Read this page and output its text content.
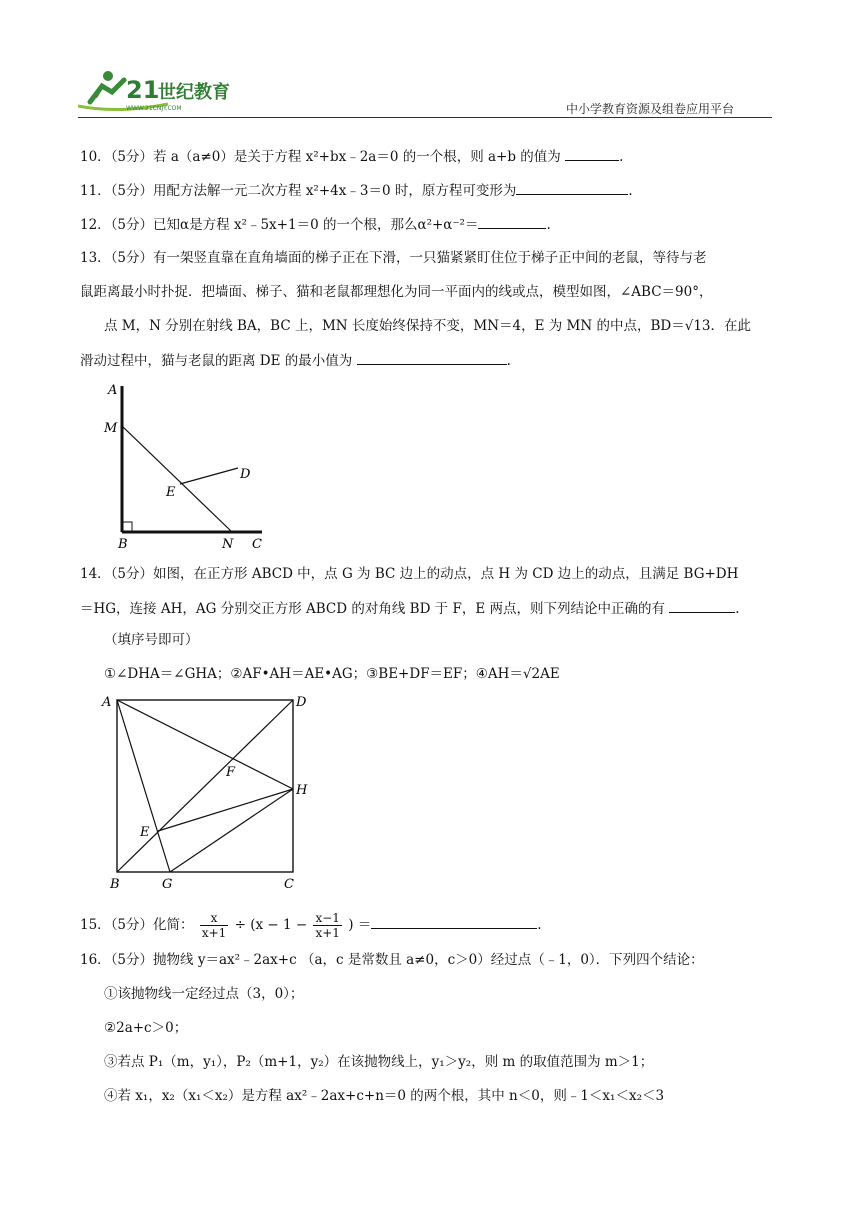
21
世纪教育
WWW.21CNJY.COM	中小学教育资源及组卷应用平台
10．（5分）若 a（a≠0）是关于方程 x²+bx﹣2a＝0 的一个根，则 a+b 的值为	.
11．（5分）用配方法解一元二次方程 x²+4x﹣3＝0 时，原方程可变形为	.
12．（5分）已知α是方程 x²﹣5x+1＝0 的一个根，那么α²+α⁻²＝	.
13．（5分）有一架竖直靠在直角墙面的梯子正在下滑，一只猫紧紧盯住位于梯子正中间的老鼠，等待与老
鼠距离最小时扑捉．把墙面、梯子、猫和老鼠都理想化为同一平面内的线或点，模型如图，∠ABC＝90°，
点 M，N 分别在射线 BA，BC 上，MN 长度始终保持不变，MN＝4，E 为 MN 的中点，BD＝√13．在此
滑动过程中，猫与老鼠的距离 DE 的最小值为	.
A
M
E
D
B	N C
14．（5分）如图，在正方形 ABCD 中，点 G 为 BC 边上的动点，点 H 为 CD 边上的动点，且满足 BG+DH
＝HG，连接 AH，AG 分别交正方形 ABCD 的对角线 BD 于 F，E 两点，则下列结论中正确的有	.
（填序号即可）
①∠DHA＝∠GHA；②AF•AH＝AE•AG；③BE+DF＝EF；④AH＝√2AE
A	D
F
H
E
B	G	C
15．（5分）化简： $\frac{x}{x+1} \div (x - 1 - \frac{x-1}{x+1}$ ) ＝	.
16．（5分）抛物线 y＝ax²﹣2ax+c （a，c 是常数且 a≠0，c＞0）经过点（﹣1，0）．下列四个结论：
①该抛物线一定经过点（3，0）；
②2a+c＞0；
③若点 P₁（m，y₁），P₂（m+1，y₂）在该抛物线上，y₁＞y₂，则 m 的取值范围为 m＞1；
④若 x₁，x₂（x₁＜x₂）是方程 ax²﹣2ax+c+n＝0 的两个根，其中 n＜0，则﹣1＜x₁＜x₂＜3
